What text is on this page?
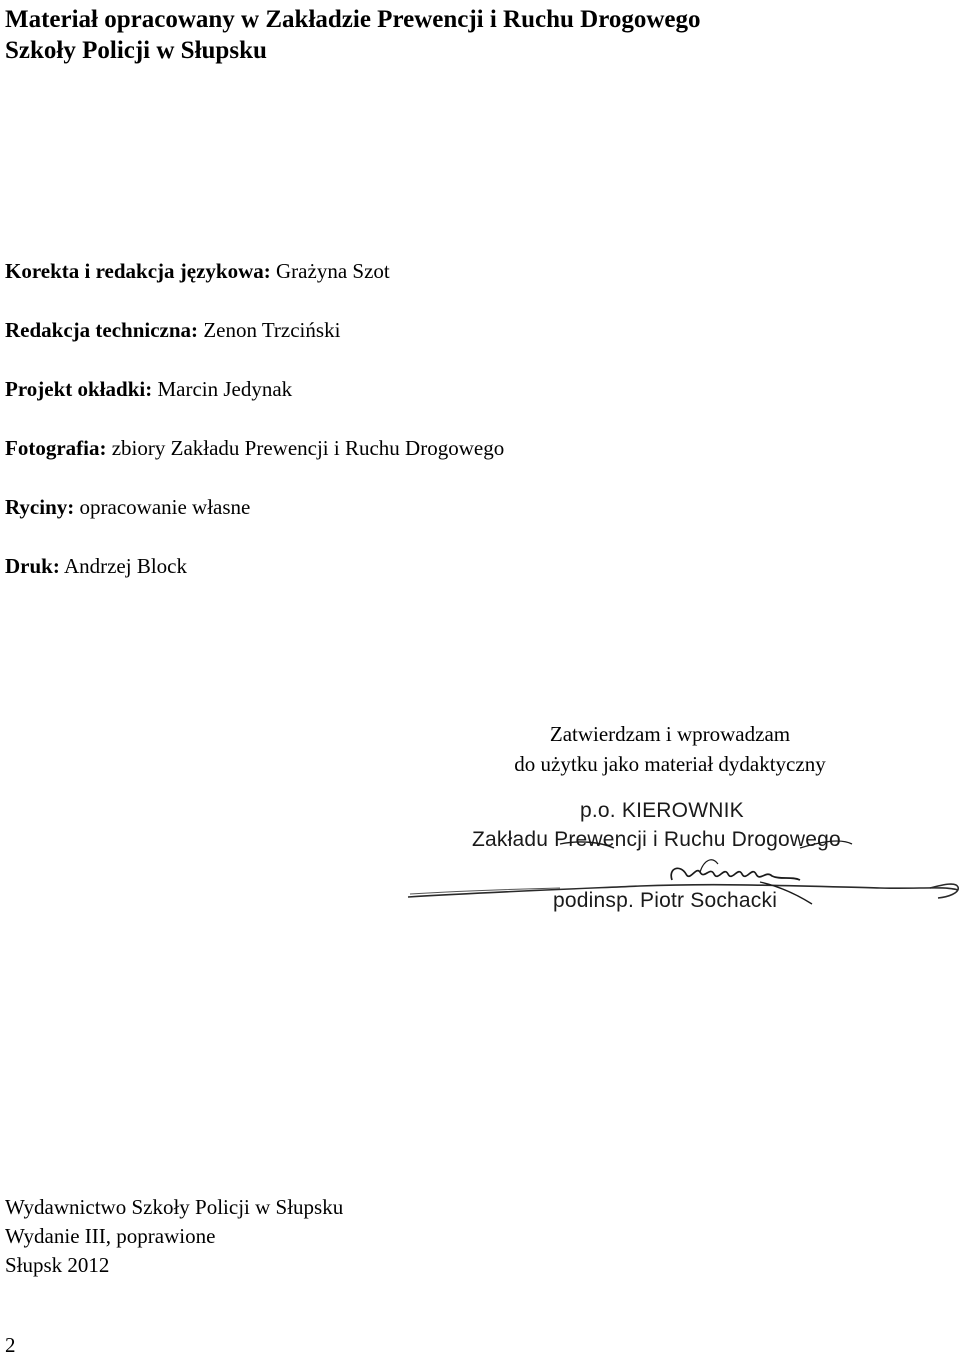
Materiał opracowany w Zakładzie Prewencji i Ruchu Drogowego
Szkoły Policji w Słupsku
Korekta i redakcja językowa: Grażyna Szot
Redakcja techniczna: Zenon Trzciński
Projekt okładki: Marcin Jedynak
Fotografia: zbiory Zakładu Prewencji i Ruchu Drogowego
Ryciny: opracowanie własne
Druk: Andrzej Block
Zatwierdzam i wprowadzam
do użytku jako materiał dydaktyczny
p.o. KIEROWNIK
Zakładu Prewencji i Ruchu Drogowego
podinsp. Piotr Sochacki
Wydawnictwo Szkoły Policji w Słupsku
Wydanie III, poprawione
Słupsk 2012
2
